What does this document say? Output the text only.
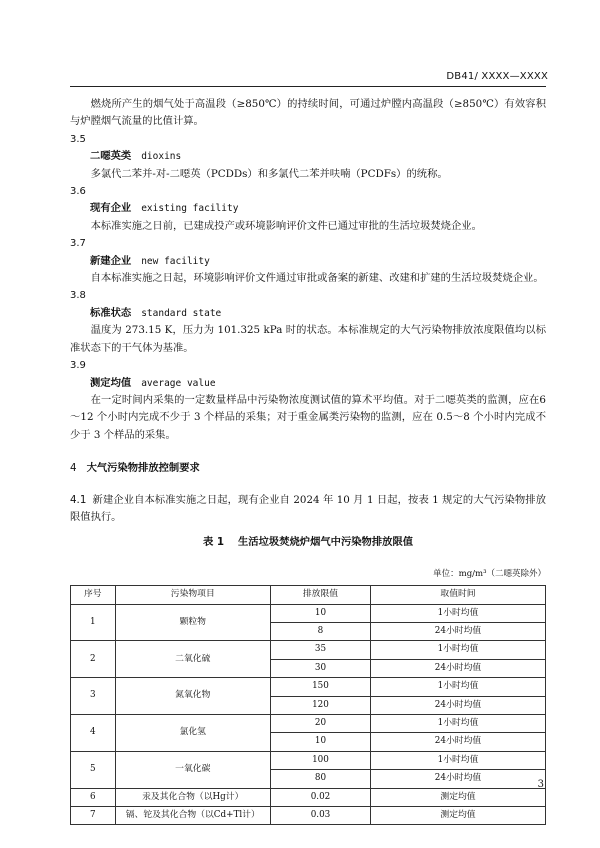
DB41/ XXXX—XXXX

燃烧所产生的烟气处于高温段（≥850℃）的持续时间，可通过炉膛内高温段（≥850℃）有效容积与炉膛烟气流量的比值计算。

3.5

二噁英类 dioxins

多氯代二苯并-对-二噁英（PCDDs）和多氯代二苯并呋喃（PCDFs）的统称。

3.6

现有企业 existing facility

本标准实施之日前，已建成投产或环境影响评价文件已通过审批的生活垃圾焚烧企业。

3.7

新建企业 new facility

自本标准实施之日起，环境影响评价文件通过审批或备案的新建、改建和扩建的生活垃圾焚烧企业。

3.8

标准状态 standard state

温度为 273.15 K，压力为 101.325 kPa 时的状态。本标准规定的大气污染物排放浓度限值均以标准状态下的干气体为基准。

3.9

测定均值 average value

在一定时间内采集的一定数量样品中污染物浓度测试值的算术平均值。对于二噁英类的监测，应在6～12 个小时内完成不少于 3 个样品的采集；对于重金属类污染物的监测，应在 0.5～8 个小时内完成不少于 3 个样品的采集。

4 大气污染物排放控制要求

4.1 新建企业自本标准实施之日起，现有企业自 2024 年 10 月 1 日起，按表 1 规定的大气污染物排放限值执行。

表 1 生活垃圾焚烧炉烟气中污染物排放限值

单位：mg/m³（二噁英除外）

序号	污染物项目	排放限值	取值时间
1	颗粒物	10	1小时均值
		8	24小时均值
2	二氧化硫	35	1小时均值
		30	24小时均值
3	氮氧化物	150	1小时均值
		120	24小时均值
4	氯化氢	20	1小时均值
		10	24小时均值
5	一氧化碳	100	1小时均值
		80	24小时均值
6	汞及其化合物（以Hg计）	0.02	测定均值
7	镉、铊及其化合物（以Cd+Tl计）	0.03	测定均值
3
